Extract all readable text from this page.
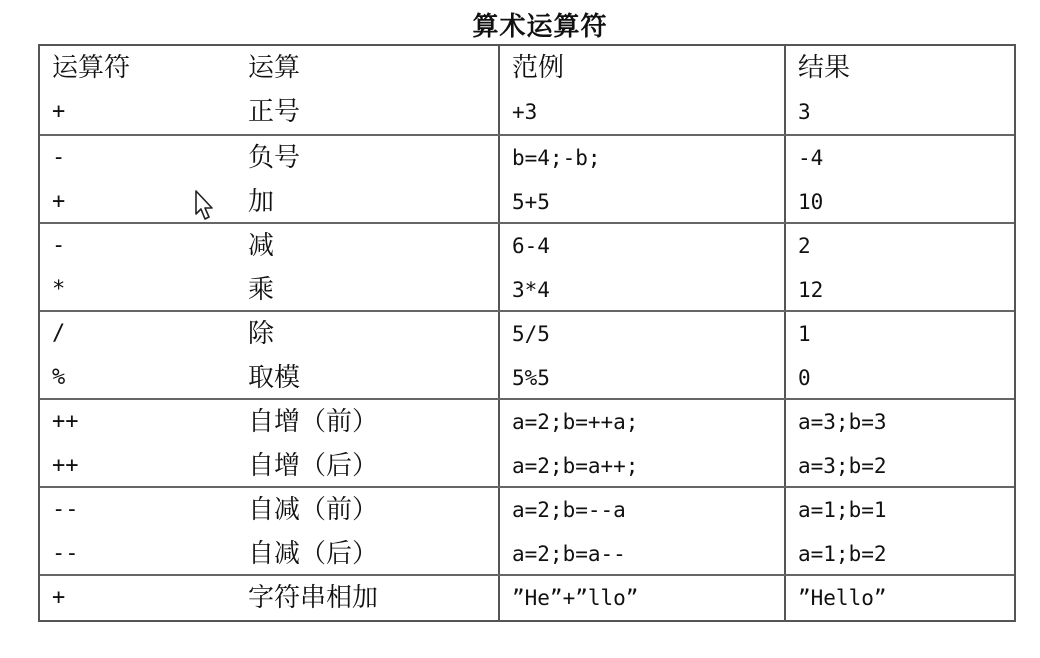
算术运算符
运算符	运算	范例	结果
+	正号	+3	3
-	负号	b=4;-b;	-4
+	加	5+5	10
-	减	6-4	2
*	乘	3*4	12
/	除	5/5	1
%	取模	5%5	0
++	自增（前）	a=2;b=++a;	a=3;b=3
++	自增（后）	a=2;b=a++;	a=3;b=2
--	自减（前）	a=2;b=--a	a=1;b=1
--	自减（后）	a=2;b=a--	a=1;b=2
+	字符串相加	”He”+”llo”	”Hello”
